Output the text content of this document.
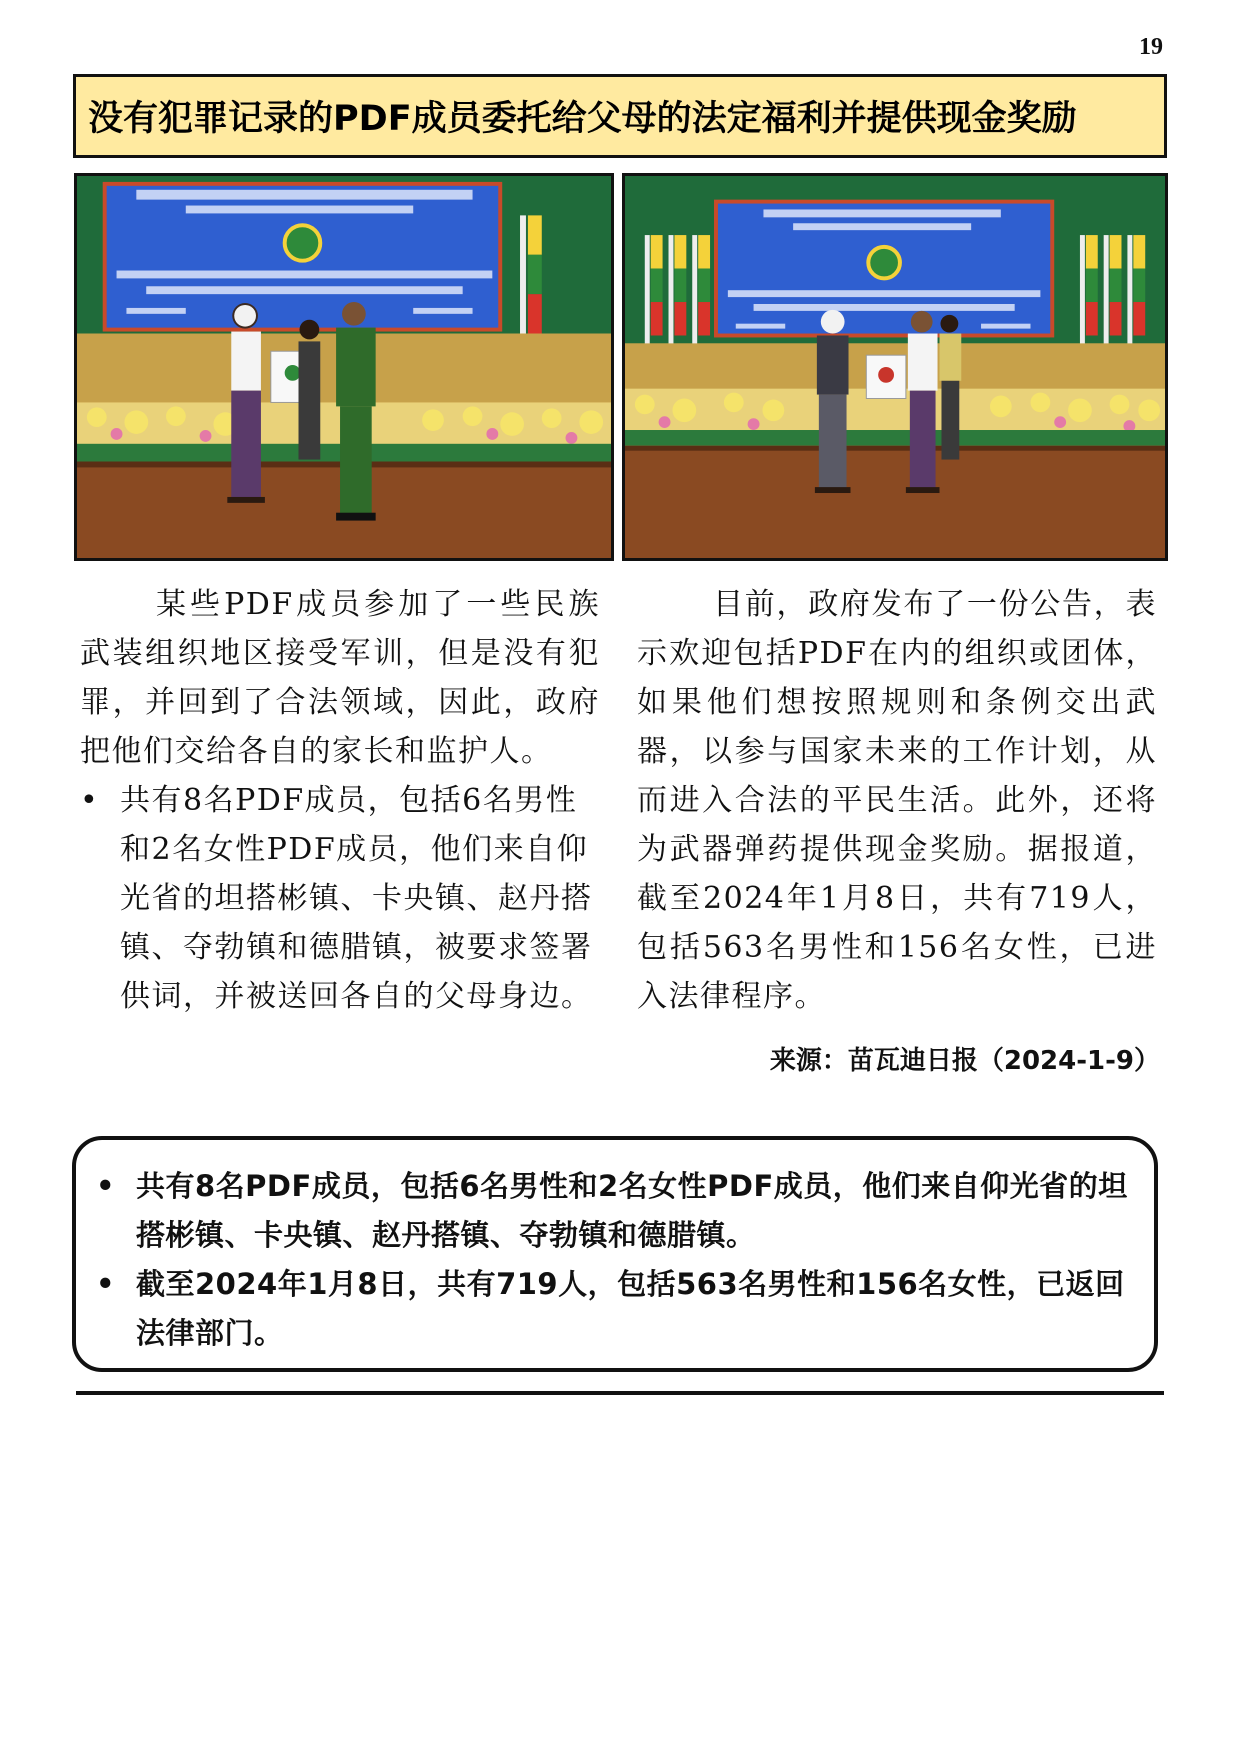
19
没有犯罪记录的PDF成员委托给父母的法定福利并提供现金奖励

某些PDF成员参加了一些民族武装组织地区接受军训，但是没有犯罪，并回到了合法领域，因此，政府把他们交给各自的家长和监护人。

• 共有8名PDF成员，包括6名男性和2名女性PDF成员，他们来自仰光省的坦搭彬镇、卡央镇、赵丹搭镇、夺勃镇和德腊镇，被要求签署供词，并被送回各自的父母身边。

目前，政府发布了一份公告，表示欢迎包括PDF在内的组织或团体，如果他们想按照规则和条例交出武器，以参与国家未来的工作计划，从而进入合法的平民生活。此外，还将为武器弹药提供现金奖励。据报道，截至2024年1月8日，共有719人，包括563名男性和156名女性，已进入法律程序。

来源：苗瓦迪日报（2024-1-9）
• 共有8名PDF成员，包括6名男性和2名女性PDF成员，他们来自仰光省的坦搭彬镇、卡央镇、赵丹搭镇、夺勃镇和德腊镇。
• 截至2024年1月8日，共有719人，包括563名男性和156名女性，已返回法律部门。
